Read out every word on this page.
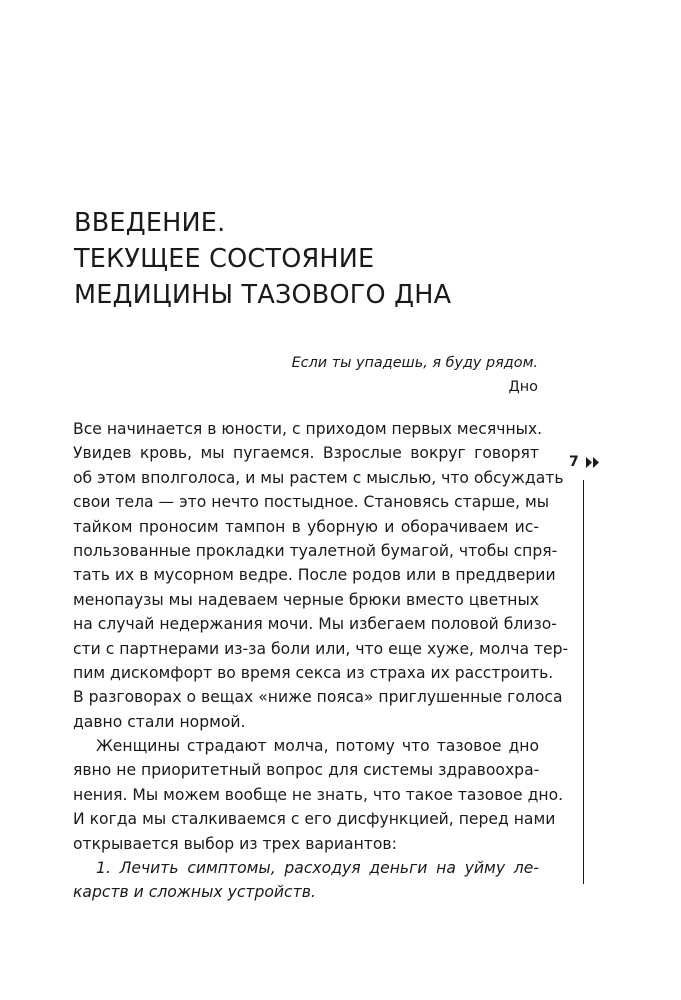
ВВЕДЕНИЕ.
ТЕКУЩЕЕ СОСТОЯНИЕ
МЕДИЦИНЫ ТАЗОВОГО ДНА
Если ты упадешь, я буду рядом.
Дно
Все начинается в юности, с приходом первых месячных.
Увидев кровь, мы пугаемся. Взрослые вокруг говорят
об этом вполголоса, и мы растем с мыслью, что обсуждать
свои тела — это нечто постыдное. Становясь старше, мы
тайком проносим тампон в уборную и оборачиваем ис-
пользованные прокладки туалетной бумагой, чтобы спря-
тать их в мусорном ведре. После родов или в преддверии
менопаузы мы надеваем черные брюки вместо цветных
на случай недержания мочи. Мы избегаем половой близо-
сти с партнерами из-за боли или, что еще хуже, молча тер-
пим дискомфорт во время секса из страха их расстроить.
В разговорах о вещах «ниже пояса» приглушенные голоса
давно стали нормой.
Женщины страдают молча, потому что тазовое дно
явно не приоритетный вопрос для системы здравоохра-
нения. Мы можем вообще не знать, что такое тазовое дно.
И когда мы сталкиваемся с его дисфункцией, перед нами
открывается выбор из трех вариантов:
1. Лечить симптомы, расходуя деньги на уйму ле-
карств и сложных устройств.
7
